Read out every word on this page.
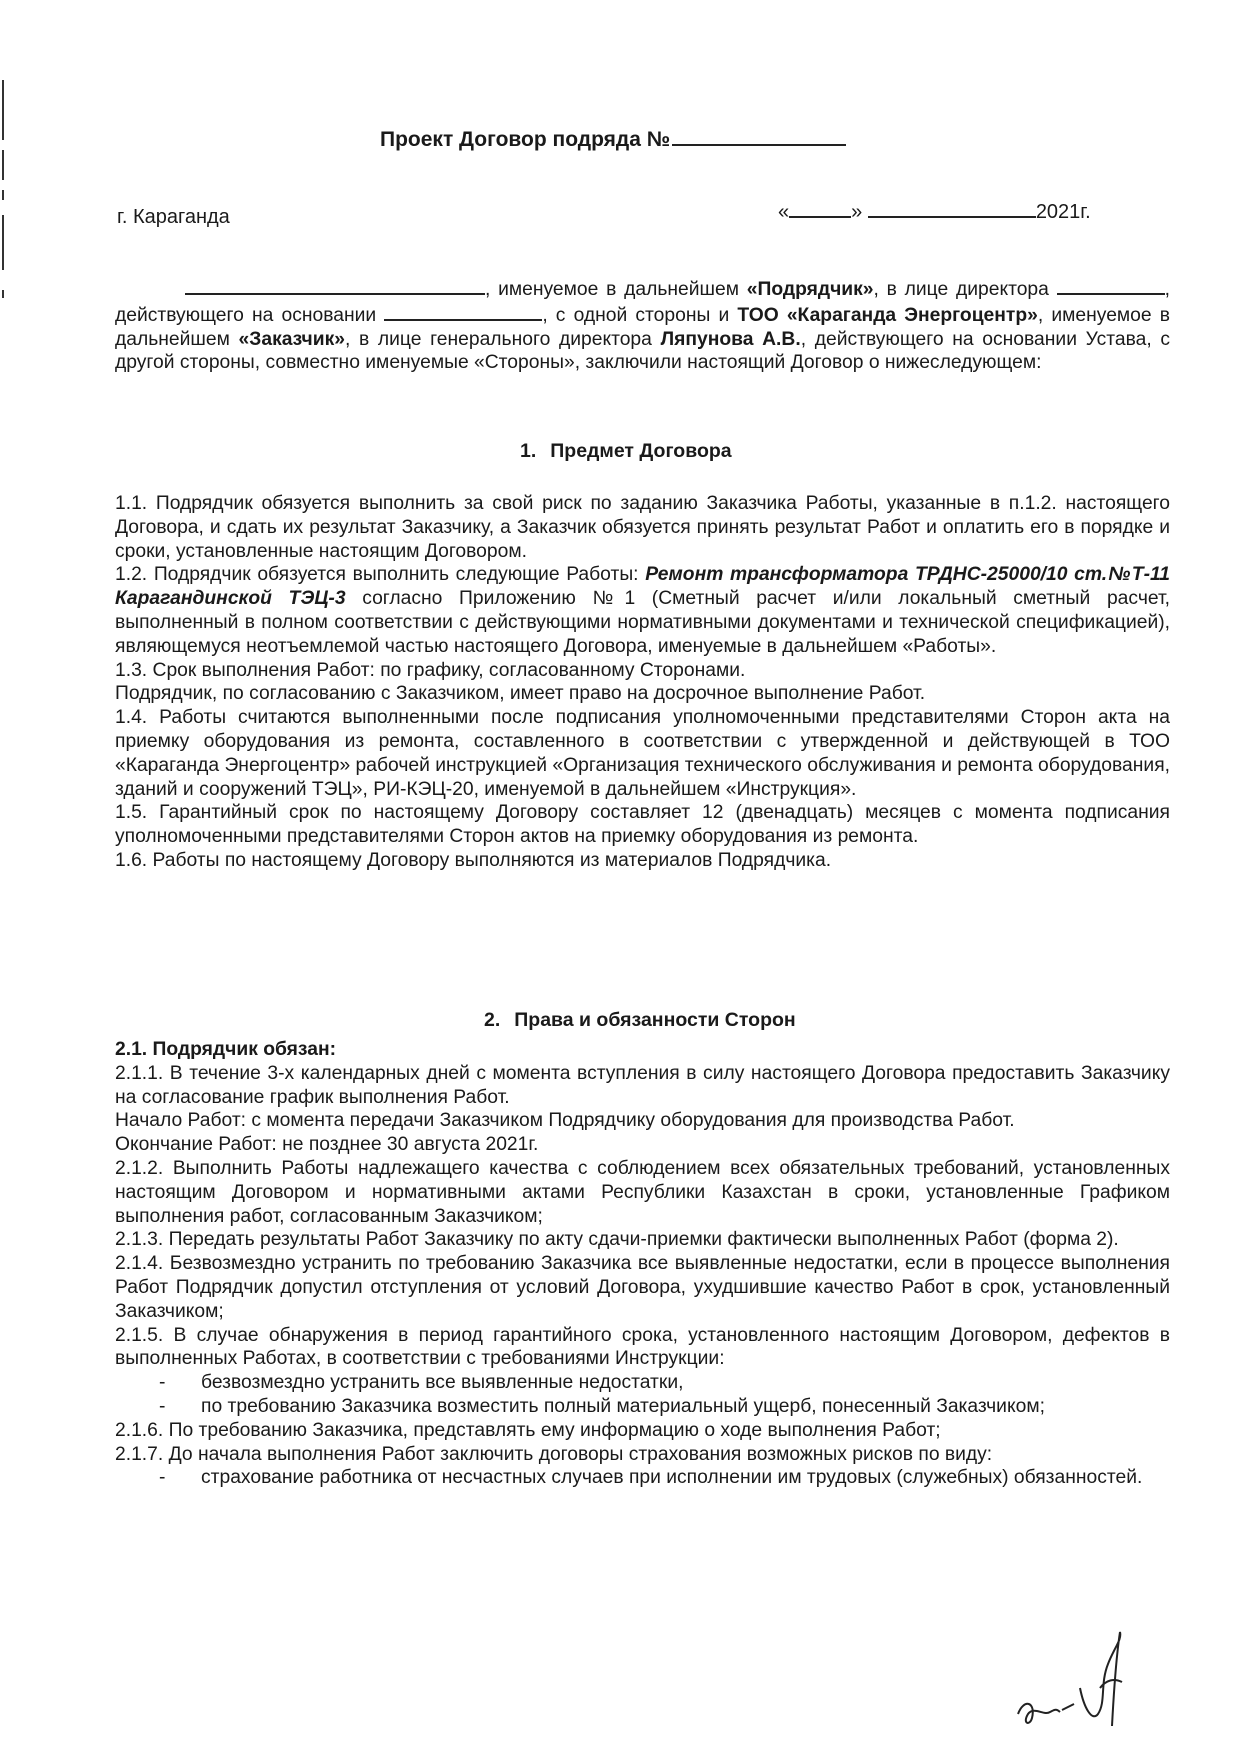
Проект Договор подряда №
г. Караганда	«	»	2021г.

, именуемое в дальнейшем «Подрядчик», в лице директора	, действующего на основании	, с одной стороны и ТОО «Караганда Энергоцентр», именуемое в дальнейшем «Заказчик», в лице генерального директора Ляпунова А.В., действующего на основании Устава, с другой стороны, совместно именуемые «Стороны», заключили настоящий Договор о нижеследующем:

1. Предмет Договора

1.1. Подрядчик обязуется выполнить за свой риск по заданию Заказчика Работы, указанные в п.1.2. настоящего Договора, и сдать их результат Заказчику, а Заказчик обязуется принять результат Работ и оплатить его в порядке и сроки, установленные настоящим Договором.

1.2. Подрядчик обязуется выполнить следующие Работы: Ремонт трансформатора ТРДНС-25000/10 ст.№Т-11 Карагандинской ТЭЦ-3 согласно Приложению №1 (Сметный расчет и/или локальный сметный расчет, выполненный в полном соответствии с действующими нормативными документами и технической спецификацией), являющемуся неотъемлемой частью настоящего Договора, именуемые в дальнейшем «Работы».

1.3. Срок выполнения Работ: по графику, согласованному Сторонами.

Подрядчик, по согласованию с Заказчиком, имеет право на досрочное выполнение Работ.

1.4. Работы считаются выполненными после подписания уполномоченными представителями Сторон акта на приемку оборудования из ремонта, составленного в соответствии с утвержденной и действующей в ТОО «Караганда Энергоцентр» рабочей инструкцией «Организация технического обслуживания и ремонта оборудования, зданий и сооружений ТЭЦ», РИ-КЭЦ-20, именуемой в дальнейшем «Инструкция».

1.5. Гарантийный срок по настоящему Договору составляет 12 (двенадцать) месяцев с момента подписания уполномоченными представителями Сторон актов на приемку оборудования из ремонта.

1.6. Работы по настоящему Договору выполняются из материалов Подрядчика.

2. Права и обязанности Сторон

2.1. Подрядчик обязан:

2.1.1. В течение 3-х календарных дней с момента вступления в силу настоящего Договора предоставить Заказчику на согласование график выполнения Работ.

Начало Работ: с момента передачи Заказчиком Подрядчику оборудования для производства Работ.

Окончание Работ: не позднее 30 августа 2021г.

2.1.2. Выполнить Работы надлежащего качества с соблюдением всех обязательных требований, установленных настоящим Договором и нормативными актами Республики Казахстан в сроки, установленные Графиком выполнения работ, согласованным Заказчиком;

2.1.3. Передать результаты Работ Заказчику по акту сдачи-приемки фактически выполненных Работ (форма 2).

2.1.4. Безвозмездно устранить по требованию Заказчика все выявленные недостатки, если в процессе выполнения Работ Подрядчик допустил отступления от условий Договора, ухудшившие качество Работ в срок, установленный Заказчиком;

2.1.5. В случае обнаружения в период гарантийного срока, установленного настоящим Договором, дефектов в выполненных Работах, в соответствии с требованиями Инструкции:

-	безвозмездно устранить все выявленные недостатки,
-	по требованию Заказчика возместить полный материальный ущерб, понесенный Заказчиком;

2.1.6. По требованию Заказчика, представлять ему информацию о ходе выполнения Работ;

2.1.7. До начала выполнения Работ заключить договоры страхования возможных рисков по виду:

-	страхование работника от несчастных случаев при исполнении им трудовых (служебных) обязанностей.
